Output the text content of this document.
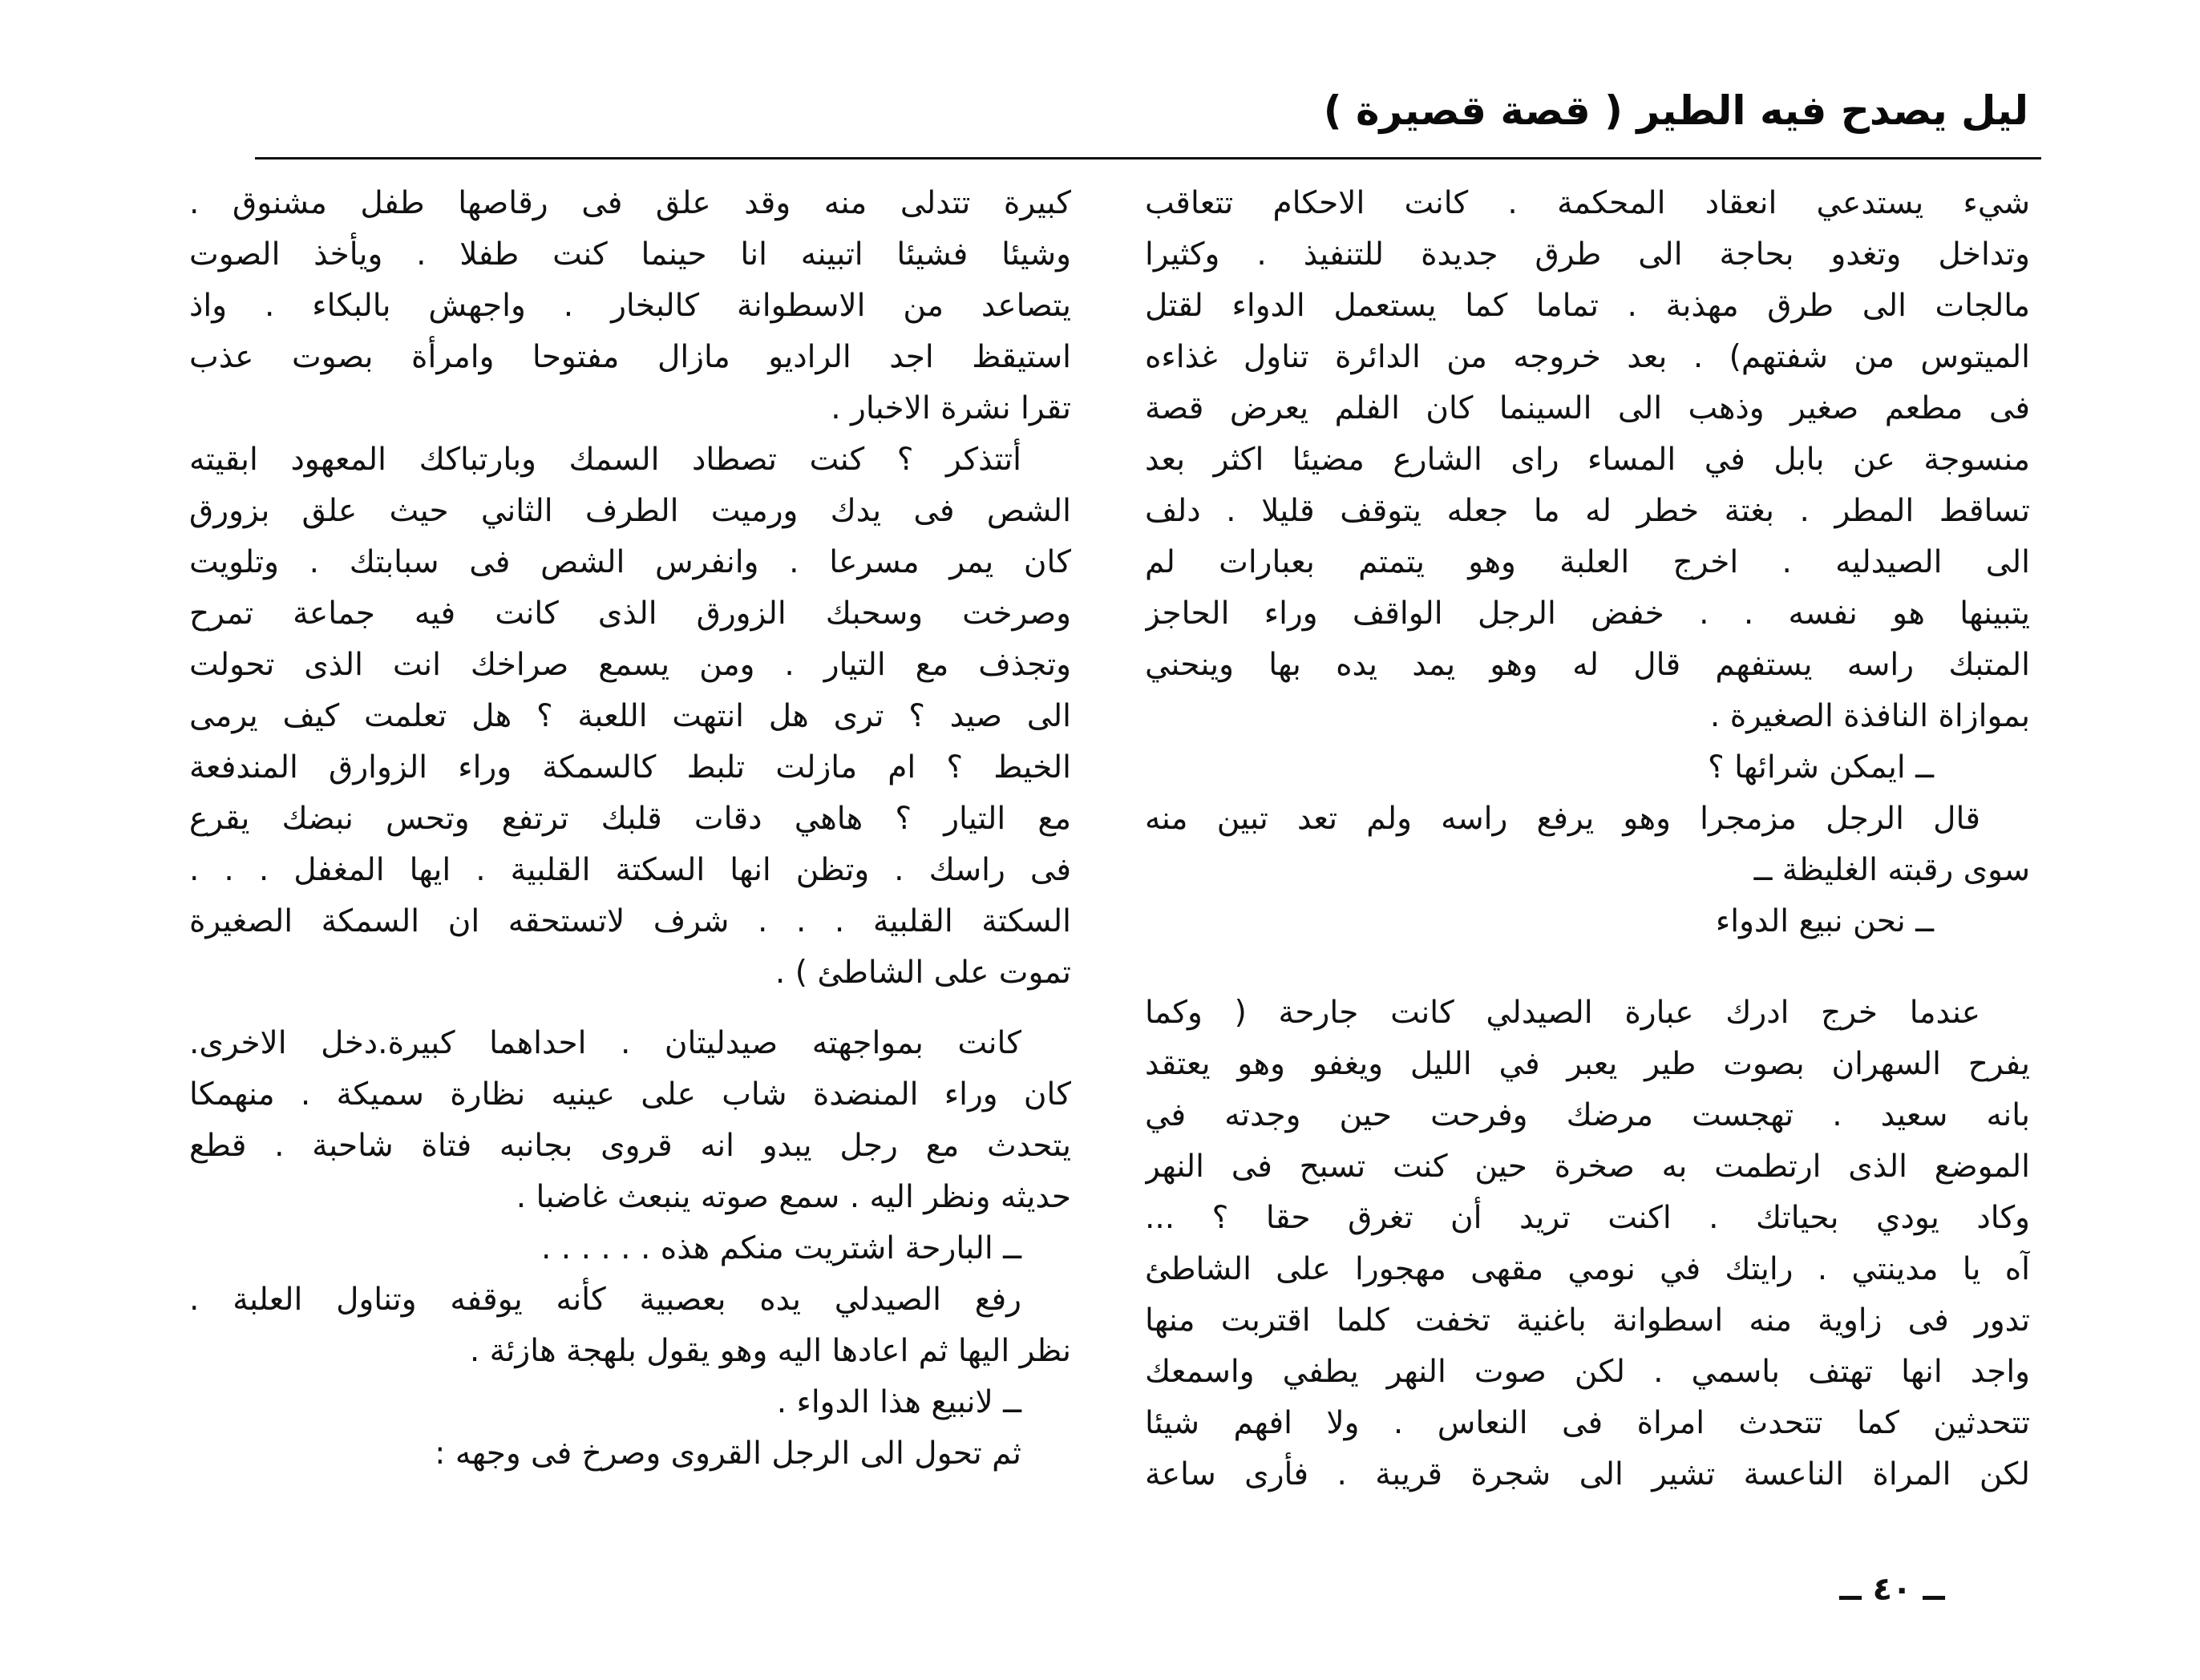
ليل يصدح فيه الطير ( قصة قصيرة )
شيء يستدعي انعقاد المحكمة . كانت الاحكام تتعاقب
وتداخل وتغدو بحاجة الى طرق جديدة للتنفيذ . وكثيرا
مالجات الى طرق مهذبة . تماما كما يستعمل الدواء لقتل
الميتوس من شفتهم) . بعد خروجه من الدائرة تناول غذاءه
فى مطعم صغير وذهب الى السينما كان الفلم يعرض قصة
منسوجة عن بابل في المساء راى الشارع مضيئا اكثر بعد
تساقط المطر . بغتة خطر له ما جعله يتوقف قليلا . دلف
الى الصيدليه . اخرج العلبة وهو يتمتم بعبارات لم
يتبينها هو نفسه . . خفض الرجل الواقف وراء الحاجز
المتبك راسه يستفهم قال له وهو يمد يده بها وينحني
بموازاة النافذة الصغيرة .
ــ ايمكن شرائها ؟
قال الرجل مزمجرا وهو يرفع راسه ولم تعد تبين منه
سوى رقبته الغليظة ــ
ــ نحن نبيع الدواء
عندما خرج ادرك عبارة الصيدلي كانت جارحة ( وكما
يفرح السهران بصوت طير يعبر في الليل ويغفو وهو يعتقد
بانه سعيد . تهجست مرضك وفرحت حين وجدته في
الموضع الذى ارتطمت به صخرة حين كنت تسبح فى النهر
وكاد يودي بحياتك . اكنت تريد أن تغرق حقا ؟ ...
آه يا مدينتي . رايتك في نومي مقهى مهجورا على الشاطئ
تدور فى زاوية منه اسطوانة باغنية تخفت كلما اقتربت منها
واجد انها تهتف باسمي . لكن صوت النهر يطفي واسمعك
تتحدثين كما تتحدث امراة فى النعاس . ولا افهم شيئا
لكن المراة الناعسة تشير الى شجرة قريبة . فأرى ساعة
كبيرة تتدلى منه وقد علق فى رقاصها طفل مشنوق .
وشيئا فشيئا اتبينه انا حينما كنت طفلا . ويأخذ الصوت
يتصاعد من الاسطوانة كالبخار . واجهش بالبكاء . واذ
استيقظ اجد الراديو مازال مفتوحا وامرأة بصوت عذب
تقرا نشرة الاخبار .
أتتذكر ؟ كنت تصطاد السمك وبارتباكك المعهود ابقيته
الشص فى يدك ورميت الطرف الثاني حيث علق بزورق
كان يمر مسرعا . وانفرس الشص فى سبابتك . وتلويت
وصرخت وسحبك الزورق الذى كانت فيه جماعة تمرح
وتجذف مع التيار . ومن يسمع صراخك انت الذى تحولت
الى صيد ؟ ترى هل انتهت اللعبة ؟ هل تعلمت كيف يرمى
الخيط ؟ ام مازلت تلبط كالسمكة وراء الزوارق المندفعة
مع التيار ؟ هاهي دقات قلبك ترتفع وتحس نبضك يقرع
فى راسك . وتظن انها السكتة القلبية . ايها المغفل . . .
السكتة القلبية . . . شرف لاتستحقه ان السمكة الصغيرة
تموت على الشاطئ ) .
كانت بمواجهته صيدليتان . احداهما كبيرة.دخل الاخرى.
كان وراء المنضدة شاب على عينيه نظارة سميكة . منهمكا
يتحدث مع رجل يبدو انه قروى بجانبه فتاة شاحبة . قطع
حديثه ونظر اليه . سمع صوته ينبعث غاضبا .
ــ البارحة اشتريت منكم هذه . . . . . .
رفع الصيدلي يده بعصبية كأنه يوقفه وتناول العلبة .
نظر اليها ثم اعادها اليه وهو يقول بلهجة هازئة .
ــ لانبيع هذا الدواء .
ثم تحول الى الرجل القروى وصرخ فى وجهه :
ــ ٤٠ ــ
